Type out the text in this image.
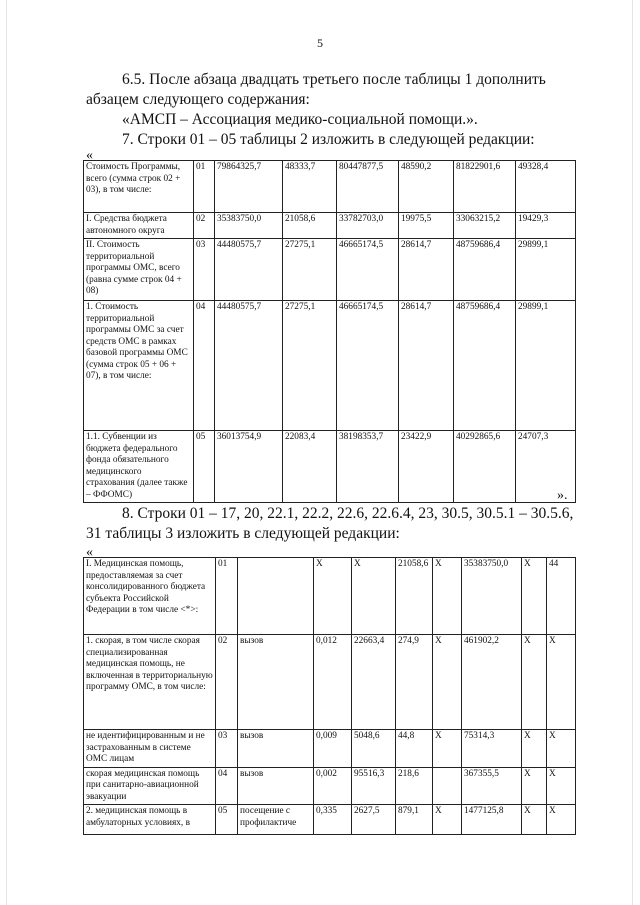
5
6.5. После абзаца двадцать третьего после таблицы 1 дополнить абзацем следующего содержания:
«АМСП – Ассоциация медико-социальной помощи.».
7. Строки 01 – 05 таблицы 2 изложить в следующей редакции:
«
Стоимость Программы, всего (сумма строк 02 + 03), в том числе:	01	79864325,7	48333,7	80447877,5	48590,2	81822901,6	49328,4
I. Средства бюджета автономного округа	02	35383750,0	21058,6	33782703,0	19975,5	33063215,2	19429,3
II. Стоимость территориальной программы ОМС, всего (равна сумме строк 04 + 08)	03	44480575,7	27275,1	46665174,5	28614,7	48759686,4	29899,1
1. Стоимость территориальной программы ОМС за счет средств ОМС в рамках базовой программы ОМС (сумма строк 05 + 06 + 07), в том числе:	04	44480575,7	27275,1	46665174,5	28614,7	48759686,4	29899,1
1.1. Субвенции из бюджета федерального фонда обязательного медицинского страхования (далее также – ФФОМС)	05	36013754,9	22083,4	38198353,7	23422,9	40292865,6	24707,3
».
8. Строки 01 – 17, 20, 22.1, 22.2, 22.6, 22.6.4, 23, 30.5, 30.5.1 – 30.5.6, 31 таблицы 3 изложить в следующей редакции:
«
I. Медицинская помощь, предоставляемая за счет консолидированного бюджета субъекта Российской Федерации в том числе <*>:	01		X	X	21058,6	X	35383750,0	X	44
1. скорая, в том числе скорая специализированная медицинская помощь, не включенная в территориальную программу ОМС, в том числе:	02	вызов	0,012	22663,4	274,9	X	461902,2	X	X
не идентифицированным и не застрахованным в системе ОМС лицам	03	вызов	0,009	5048,6	44,8	X	75314,3	X	X
скорая медицинская помощь при санитарно-авиационной эвакуации	04	вызов	0,002	95516,3	218,6		367355,5	X	X
2. медицинская помощь в амбулаторных условиях, в	05	посещение с профилактиче	0,335	2627,5	879,1	X	1477125,8	X	X
